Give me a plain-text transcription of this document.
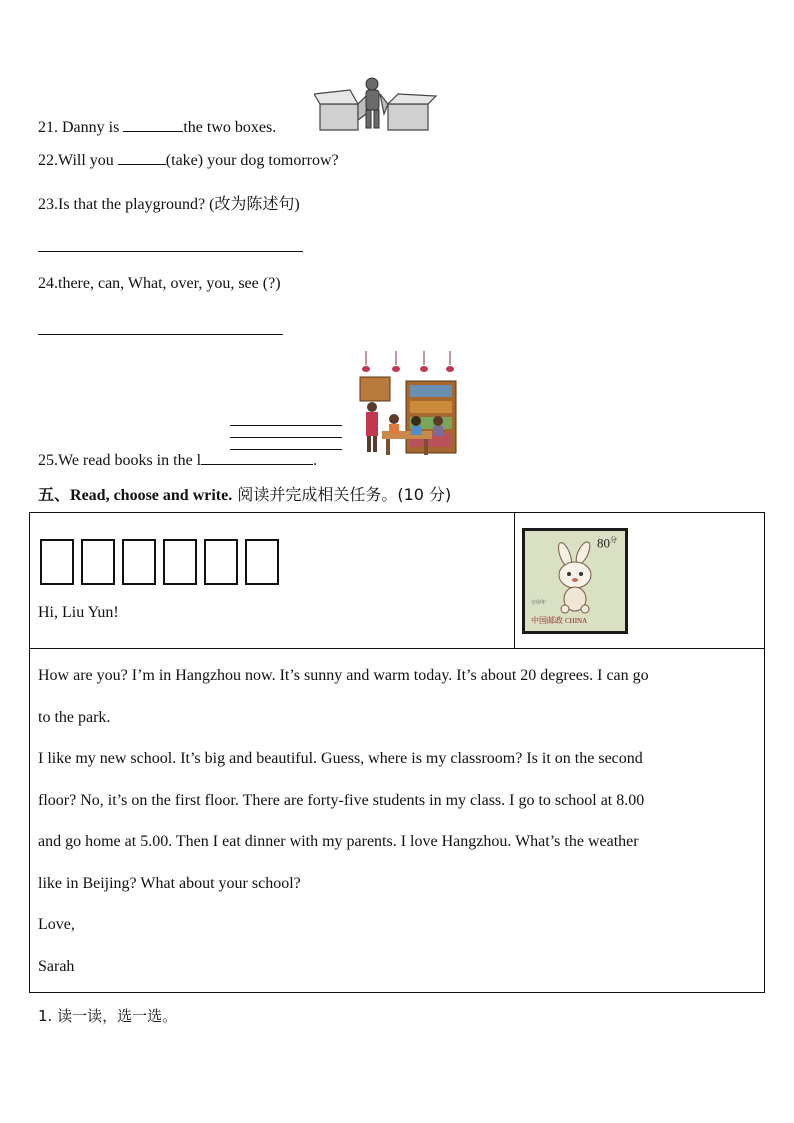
21. Danny is	the two boxes.
22.Will you	(take) your dog tomorrow?
23.Is that the playground? (改为陈述句)
24.there, can, What, over, you, see (?)
25.We read books in the l	.
五、Read, choose and write. 阅读并完成相关任务。(10 分)
Hi, Liu Yun!

How are you? I’m in Hangzhou now. It’s sunny and warm today. It’s about 20 degrees. I can go

to the park.

I like my new school. It’s big and beautiful. Guess, where is my classroom? Is it on the second

floor? No, it’s on the first floor. There are forty-five students in my class. I go to school at 8.00

and go home at 5.00. Then I eat dinner with my parents. I love Hangzhou. What’s the weather

like in Beijing? What about your school?

Love,

Sarah

$80^分$
辛卯年
中国邮政 CHINA
1. 读一读，选一选。
